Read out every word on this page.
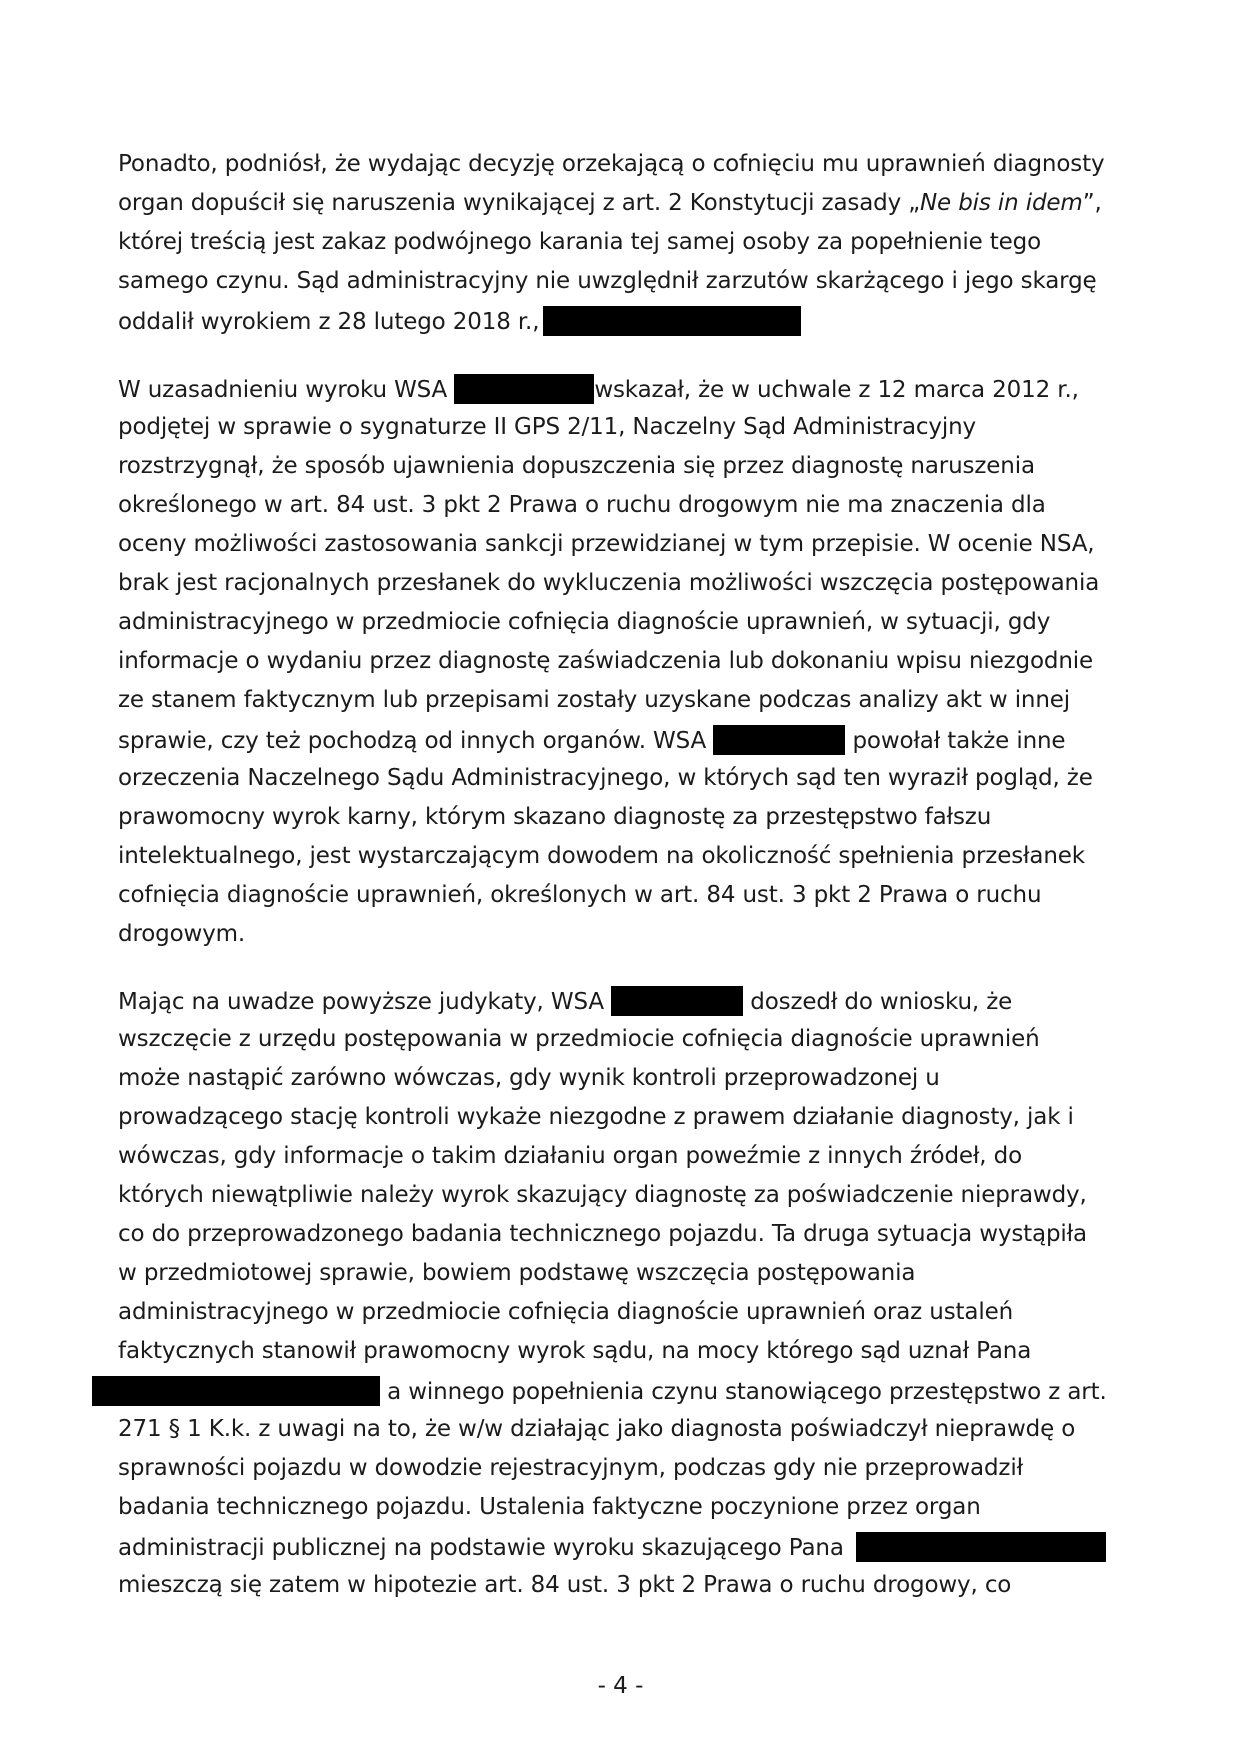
Ponadto, podniósł, że wydając decyzję orzekającą o cofnięciu mu uprawnień diagnosty
organ dopuścił się naruszenia wynikającej z art. 2 Konstytucji zasady „Ne bis in idem”,
której treścią jest zakaz podwójnego karania tej samej osoby za popełnienie tego
samego czynu. Sąd administracyjny nie uwzględnił zarzutów skarżącego i jego skargę
oddalił wyrokiem z 28 lutego 2018 r.,
W uzasadnieniu wyroku WSA	wskazał, że w uchwale z 12 marca 2012 r.,
podjętej w sprawie o sygnaturze II GPS 2/11, Naczelny Sąd Administracyjny
rozstrzygnął, że sposób ujawnienia dopuszczenia się przez diagnostę naruszenia
określonego w art. 84 ust. 3 pkt 2 Prawa o ruchu drogowym nie ma znaczenia dla
oceny możliwości zastosowania sankcji przewidzianej w tym przepisie. W ocenie NSA,
brak jest racjonalnych przesłanek do wykluczenia możliwości wszczęcia postępowania
administracyjnego w przedmiocie cofnięcia diagnoście uprawnień, w sytuacji, gdy
informacje o wydaniu przez diagnostę zaświadczenia lub dokonaniu wpisu niezgodnie
ze stanem faktycznym lub przepisami zostały uzyskane podczas analizy akt w innej
sprawie, czy też pochodzą od innych organów. WSA	powołał także inne
orzeczenia Naczelnego Sądu Administracyjnego, w których sąd ten wyraził pogląd, że
prawomocny wyrok karny, którym skazano diagnostę za przestępstwo fałszu
intelektualnego, jest wystarczającym dowodem na okoliczność spełnienia przesłanek
cofnięcia diagnoście uprawnień, określonych w art. 84 ust. 3 pkt 2 Prawa o ruchu
drogowym.
Mając na uwadze powyższe judykaty, WSA	doszedł do wniosku, że
wszczęcie z urzędu postępowania w przedmiocie cofnięcia diagnoście uprawnień
może nastąpić zarówno wówczas, gdy wynik kontroli przeprowadzonej u
prowadzącego stację kontroli wykaże niezgodne z prawem działanie diagnosty, jak i
wówczas, gdy informacje o takim działaniu organ poweźmie z innych źródeł, do
których niewątpliwie należy wyrok skazujący diagnostę za poświadczenie nieprawdy,
co do przeprowadzonego badania technicznego pojazdu. Ta druga sytuacja wystąpiła
w przedmiotowej sprawie, bowiem podstawę wszczęcia postępowania
administracyjnego w przedmiocie cofnięcia diagnoście uprawnień oraz ustaleń
faktycznych stanowił prawomocny wyrok sądu, na mocy którego sąd uznał Pana
a winnego popełnienia czynu stanowiącego przestępstwo z art.
271 § 1 K.k. z uwagi na to, że w/w działając jako diagnosta poświadczył nieprawdę o
sprawności pojazdu w dowodzie rejestracyjnym, podczas gdy nie przeprowadził
badania technicznego pojazdu. Ustalenia faktyczne poczynione przez organ
administracji publicznej na podstawie wyroku skazującego Pana
mieszczą się zatem w hipotezie art. 84 ust. 3 pkt 2 Prawa o ruchu drogowy, co
- 4 -
